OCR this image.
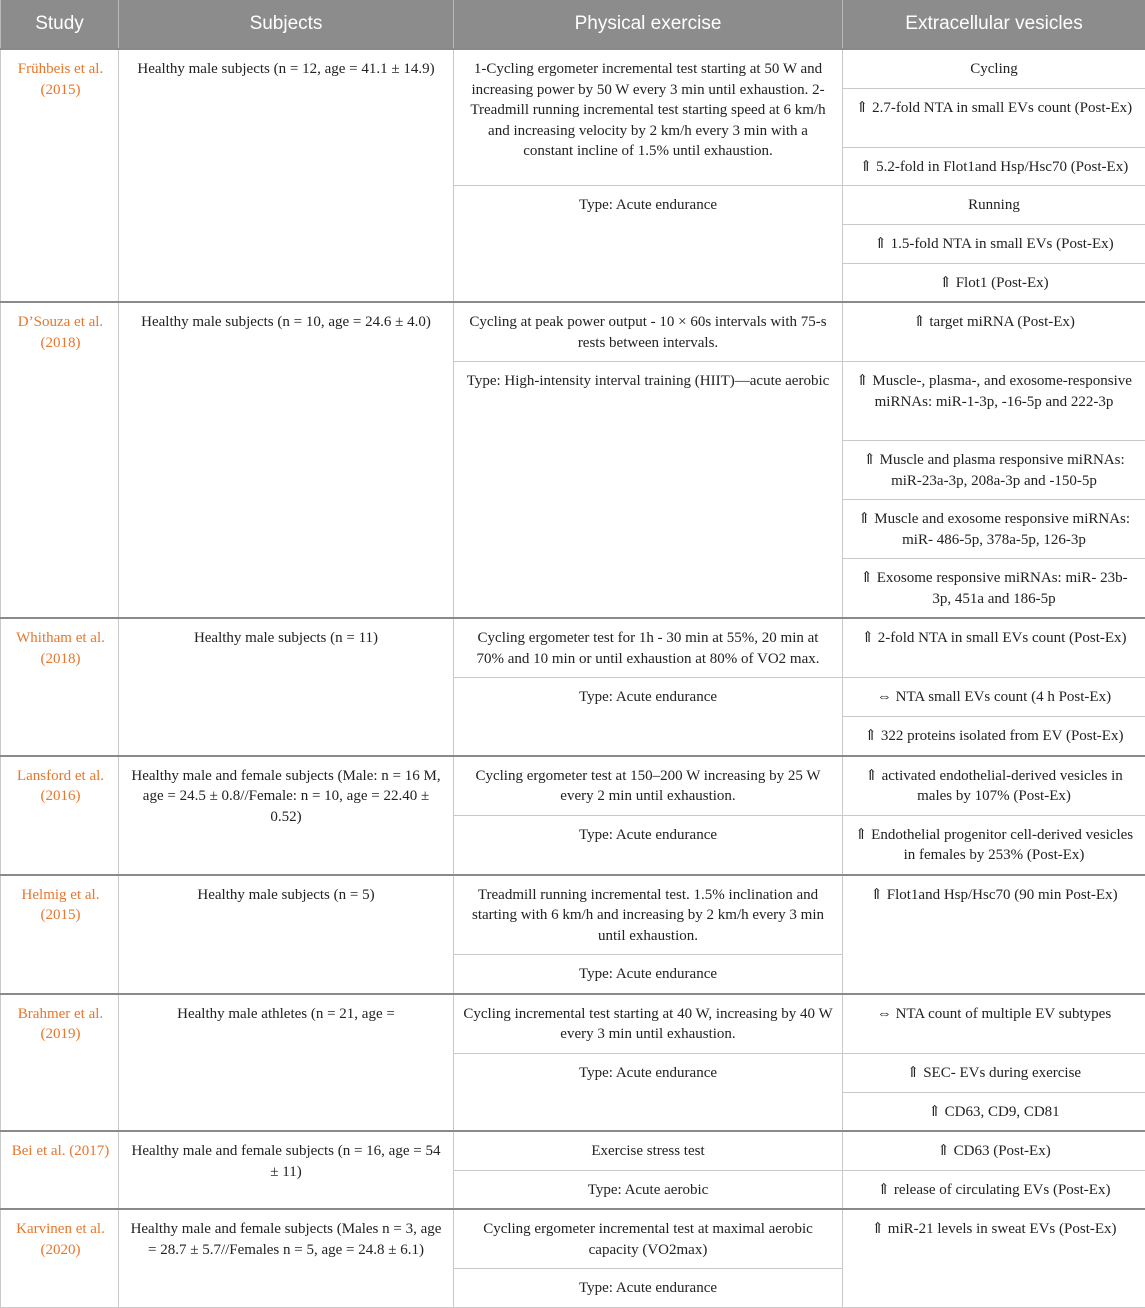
Study	Subjects	Physical exercise	Extracellular vesicles
Frühbeis et al. (2015)	Healthy male subjects (n = 12, age = 41.1 ± 14.9)	1-Cycling ergometer incremental test starting at 50 W and increasing power by 50 W every 3 min until exhaustion. 2- Treadmill running incremental test starting speed at 6 km/h and increasing velocity by 2 km/h every 3 min with a constant incline of 1.5% until exhaustion.	Cycling
			⇑ 2.7-fold NTA in small EVs count (Post-Ex)
			⇑ 5.2-fold in Flot1and Hsp/Hsc70 (Post-Ex)
		Type: Acute endurance	Running
			⇑ 1.5-fold NTA in small EVs (Post-Ex)
			⇑ Flot1 (Post-Ex)
D’Souza et al. (2018)	Healthy male subjects (n = 10, age = 24.6 ± 4.0)	Cycling at peak power output - 10 × 60s intervals with 75-s rests between intervals.	⇑ target miRNA (Post-Ex)
		Type: High-intensity interval training (HIIT)—acute aerobic	⇑ Muscle-, plasma-, and exosome-responsive miRNAs: miR-1-3p, -16-5p and 222-3p
			⇑ Muscle and plasma responsive miRNAs: miR-23a-3p, 208a-3p and -150-5p
			⇑ Muscle and exosome responsive miRNAs: miR- 486-5p, 378a-5p, 126-3p
			⇑ Exosome responsive miRNAs: miR- 23b-3p, 451a and 186-5p
Whitham et al. (2018)	Healthy male subjects (n = 11)	Cycling ergometer test for 1h - 30 min at 55%, 20 min at 70% and 10 min or until exhaustion at 80% of VO2 max.	⇑ 2-fold NTA in small EVs count (Post-Ex)
		Type: Acute endurance	⇔ NTA small EVs count (4 h Post-Ex)
			⇑ 322 proteins isolated from EV (Post-Ex)
Lansford et al. (2016)	Healthy male and female subjects (Male: n = 16 M, age = 24.5 ± 0.8//Female: n = 10, age = 22.40 ± 0.52)	Cycling ergometer test at 150–200 W increasing by 25 W every 2 min until exhaustion.	⇑ activated endothelial-derived vesicles in males by 107% (Post-Ex)
		Type: Acute endurance	⇑ Endothelial progenitor cell-derived vesicles in females by 253% (Post-Ex)
Helmig et al. (2015)	Healthy male subjects (n = 5)	Treadmill running incremental test. 1.5% inclination and starting with 6 km/h and increasing by 2 km/h every 3 min until exhaustion.	⇑ Flot1and Hsp/Hsc70 (90 min Post-Ex)
		Type: Acute endurance	
Brahmer et al. (2019)	Healthy male athletes (n = 21, age =	Cycling incremental test starting at 40 W, increasing by 40 W every 3 min until exhaustion.	⇔ NTA count of multiple EV subtypes
		Type: Acute endurance	⇑ SEC- EVs during exercise
			⇑ CD63, CD9, CD81
Bei et al. (2017)	Healthy male and female subjects (n = 16, age = 54 ± 11)	Exercise stress test	⇑ CD63 (Post-Ex)
		Type: Acute aerobic	⇑ release of circulating EVs (Post-Ex)
Karvinen et al. (2020)	Healthy male and female subjects (Males n = 3, age = 28.7 ± 5.7//Females n = 5, age = 24.8 ± 6.1)	Cycling ergometer incremental test at maximal aerobic capacity (VO2max)	⇑ miR-21 levels in sweat EVs (Post-Ex)
		Type: Acute endurance	
